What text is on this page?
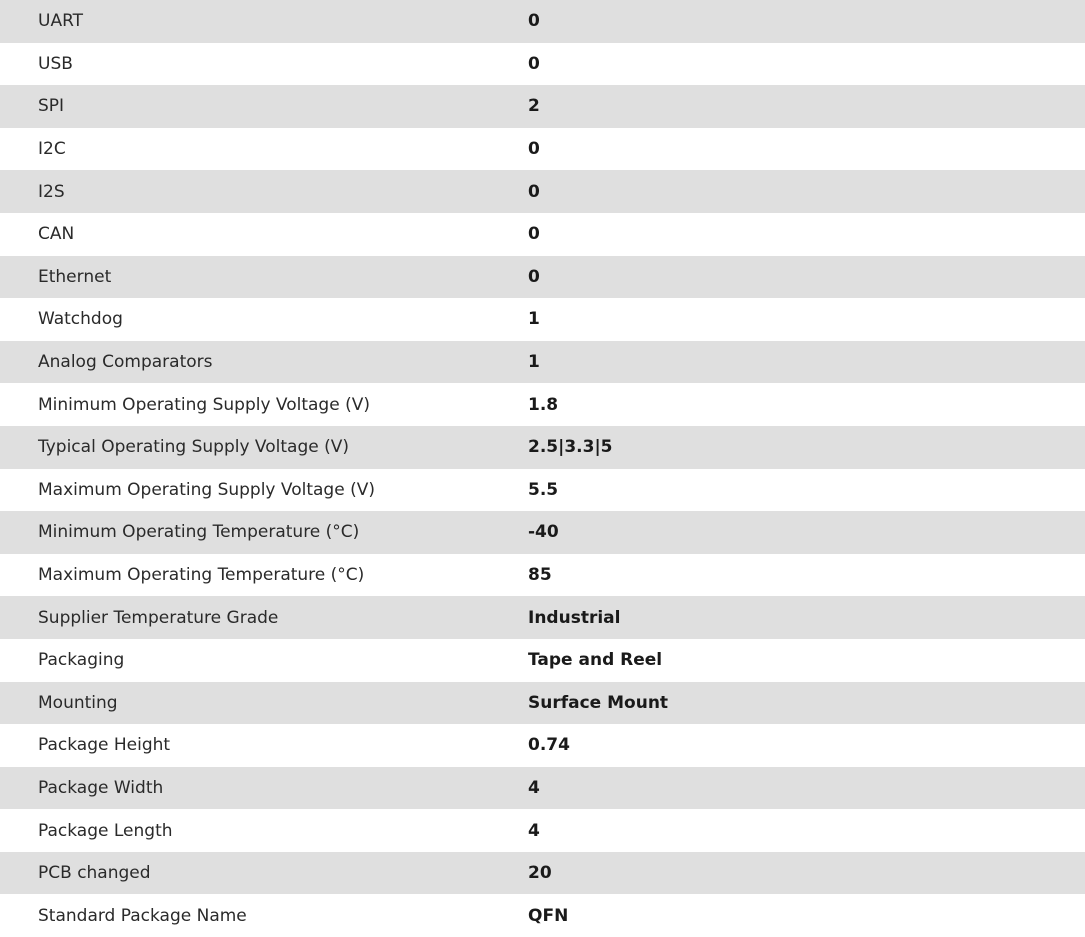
UART	0
USB	0
SPI	2
I2C	0
I2S	0
CAN	0
Ethernet	0
Watchdog	1
Analog Comparators	1
Minimum Operating Supply Voltage (V)	1.8
Typical Operating Supply Voltage (V)	2.5|3.3|5
Maximum Operating Supply Voltage (V)	5.5
Minimum Operating Temperature (°C)	-40
Maximum Operating Temperature (°C)	85
Supplier Temperature Grade	Industrial
Packaging	Tape and Reel
Mounting	Surface Mount
Package Height	0.74
Package Width	4
Package Length	4
PCB changed	20
Standard Package Name	QFN
